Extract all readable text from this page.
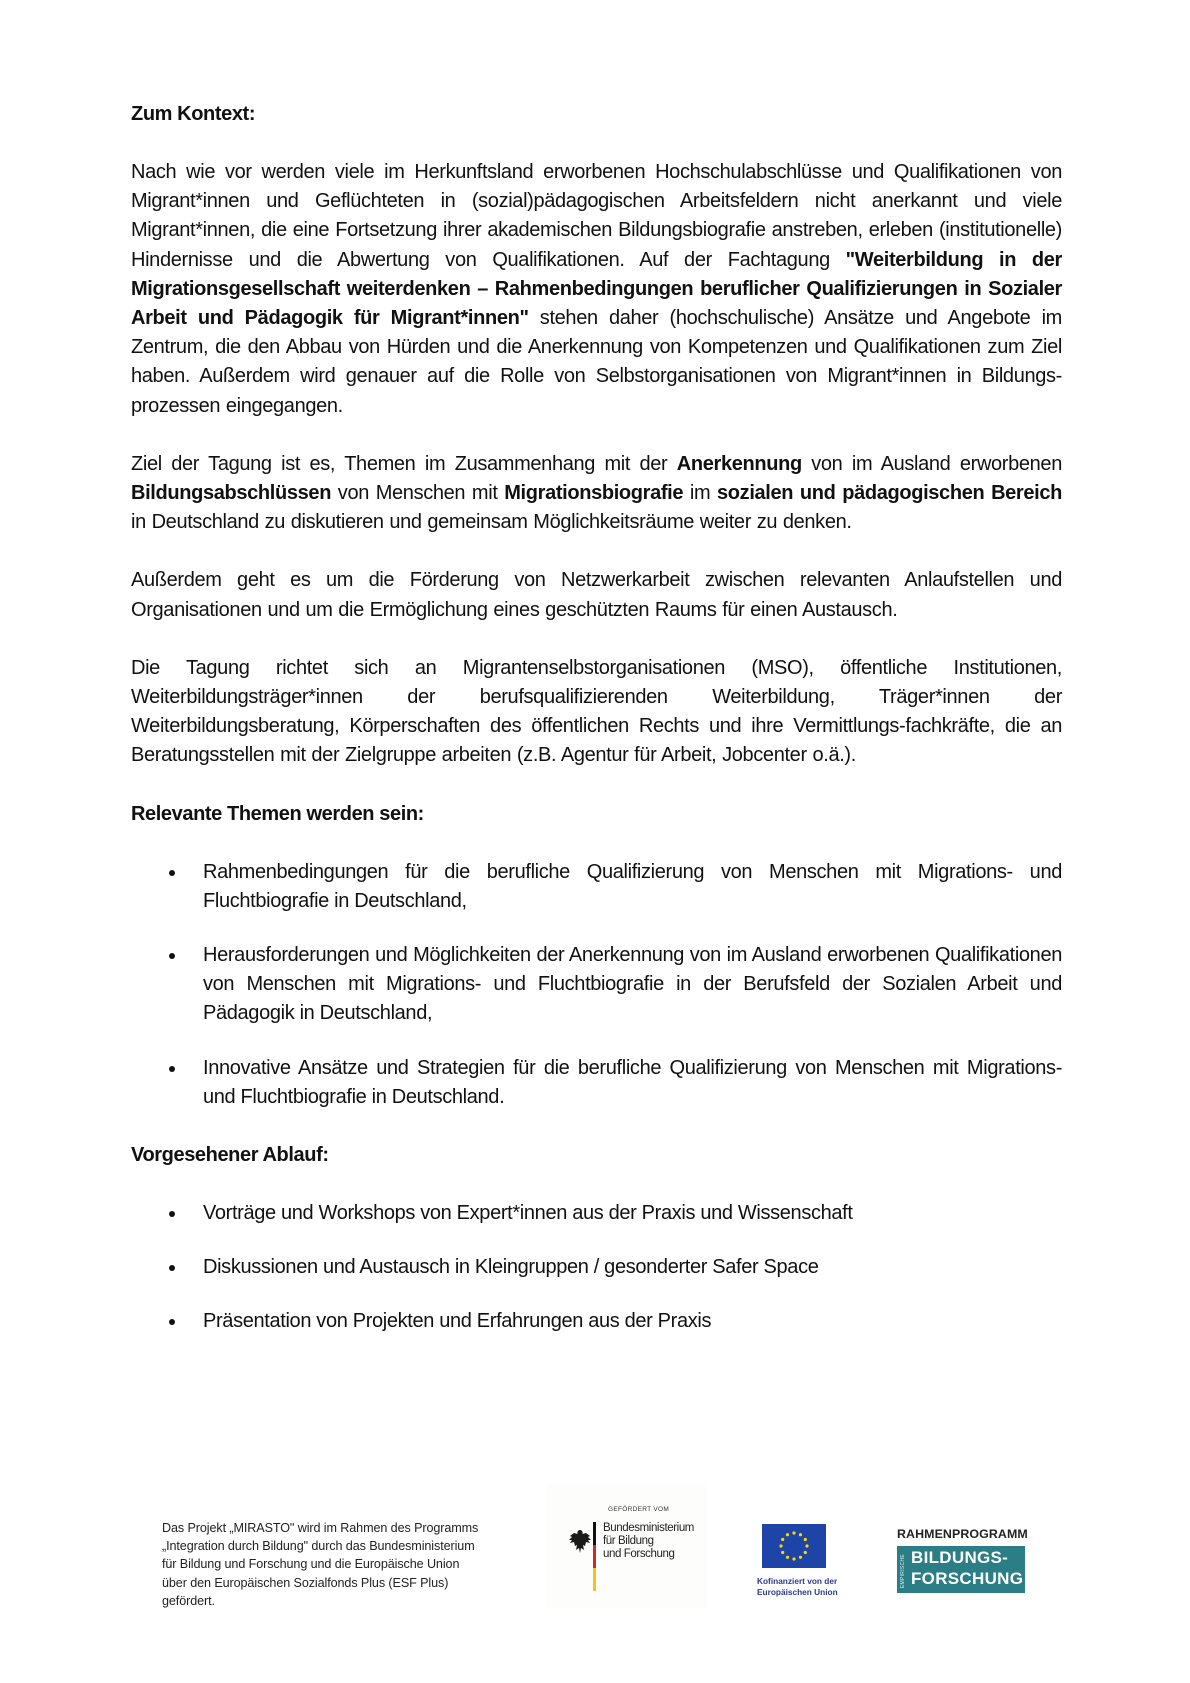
Zum Kontext:

Nach wie vor werden viele im Herkunftsland erworbenen Hochschulabschlüsse und Qualifikationen von Migrant*innen und Geflüchteten in (sozial)pädagogischen Arbeitsfeldern nicht anerkannt und viele Migrant*innen, die eine Fortsetzung ihrer akademischen Bildungsbiografie anstreben, erleben (institutionelle) Hindernisse und die Abwertung von Qualifikationen. Auf der Fachtagung "Weiterbildung in der Migrationsgesellschaft weiterdenken – Rahmenbedingungen beruflicher Qualifizierungen in Sozialer Arbeit und Pädagogik für Migrant*innen" stehen daher (hochschulische) Ansätze und Angebote im Zentrum, die den Abbau von Hürden und die Anerkennung von Kompetenzen und Qualifikationen zum Ziel haben. Außerdem wird genauer auf die Rolle von Selbstorganisationen von Migrant*innen in Bildungs-prozessen eingegangen.

Ziel der Tagung ist es, Themen im Zusammenhang mit der Anerkennung von im Ausland erworbenen Bildungsabschlüssen von Menschen mit Migrationsbiografie im sozialen und pädagogischen Bereich in Deutschland zu diskutieren und gemeinsam Möglichkeitsräume weiter zu denken.

Außerdem geht es um die Förderung von Netzwerkarbeit zwischen relevanten Anlaufstellen und Organisationen und um die Ermöglichung eines geschützten Raums für einen Austausch.

Die Tagung richtet sich an Migrantenselbstorganisationen (MSO), öffentliche Institutionen, Weiterbildungsträger*innen der berufsqualifizierenden Weiterbildung, Träger*innen der Weiterbildungsberatung, Körperschaften des öffentlichen Rechts und ihre Vermittlungs-fachkräfte, die an Beratungsstellen mit der Zielgruppe arbeiten (z.B. Agentur für Arbeit, Jobcenter o.ä.).

Relevante Themen werden sein:

Rahmenbedingungen für die berufliche Qualifizierung von Menschen mit Migrations- und Fluchtbiografie in Deutschland,
Herausforderungen und Möglichkeiten der Anerkennung von im Ausland erworbenen Qualifikationen von Menschen mit Migrations- und Fluchtbiografie in der Berufsfeld der Sozialen Arbeit und Pädagogik in Deutschland,
Innovative Ansätze und Strategien für die berufliche Qualifizierung von Menschen mit Migrations- und Fluchtbiografie in Deutschland.

Vorgesehener Ablauf:

Vorträge und Workshops von Expert*innen aus der Praxis und Wissenschaft
Diskussionen und Austausch in Kleingruppen / gesonderter Safer Space
Präsentation von Projekten und Erfahrungen aus der Praxis
Das Projekt „MIRASTO" wird im Rahmen des Programms „Integration durch Bildung" durch das Bundesministerium für Bildung und Forschung und die Europäische Union über den Europäischen Sozialfonds Plus (ESF Plus) gefördert.
GEFÖRDERT VOM
Bundesministerium
für Bildung
und Forschung
Kofinanziert von der
Europäischen Union
RAHMENPROGRAMM
EMPIRISCHE BILDUNGS-
FORSCHUNG
